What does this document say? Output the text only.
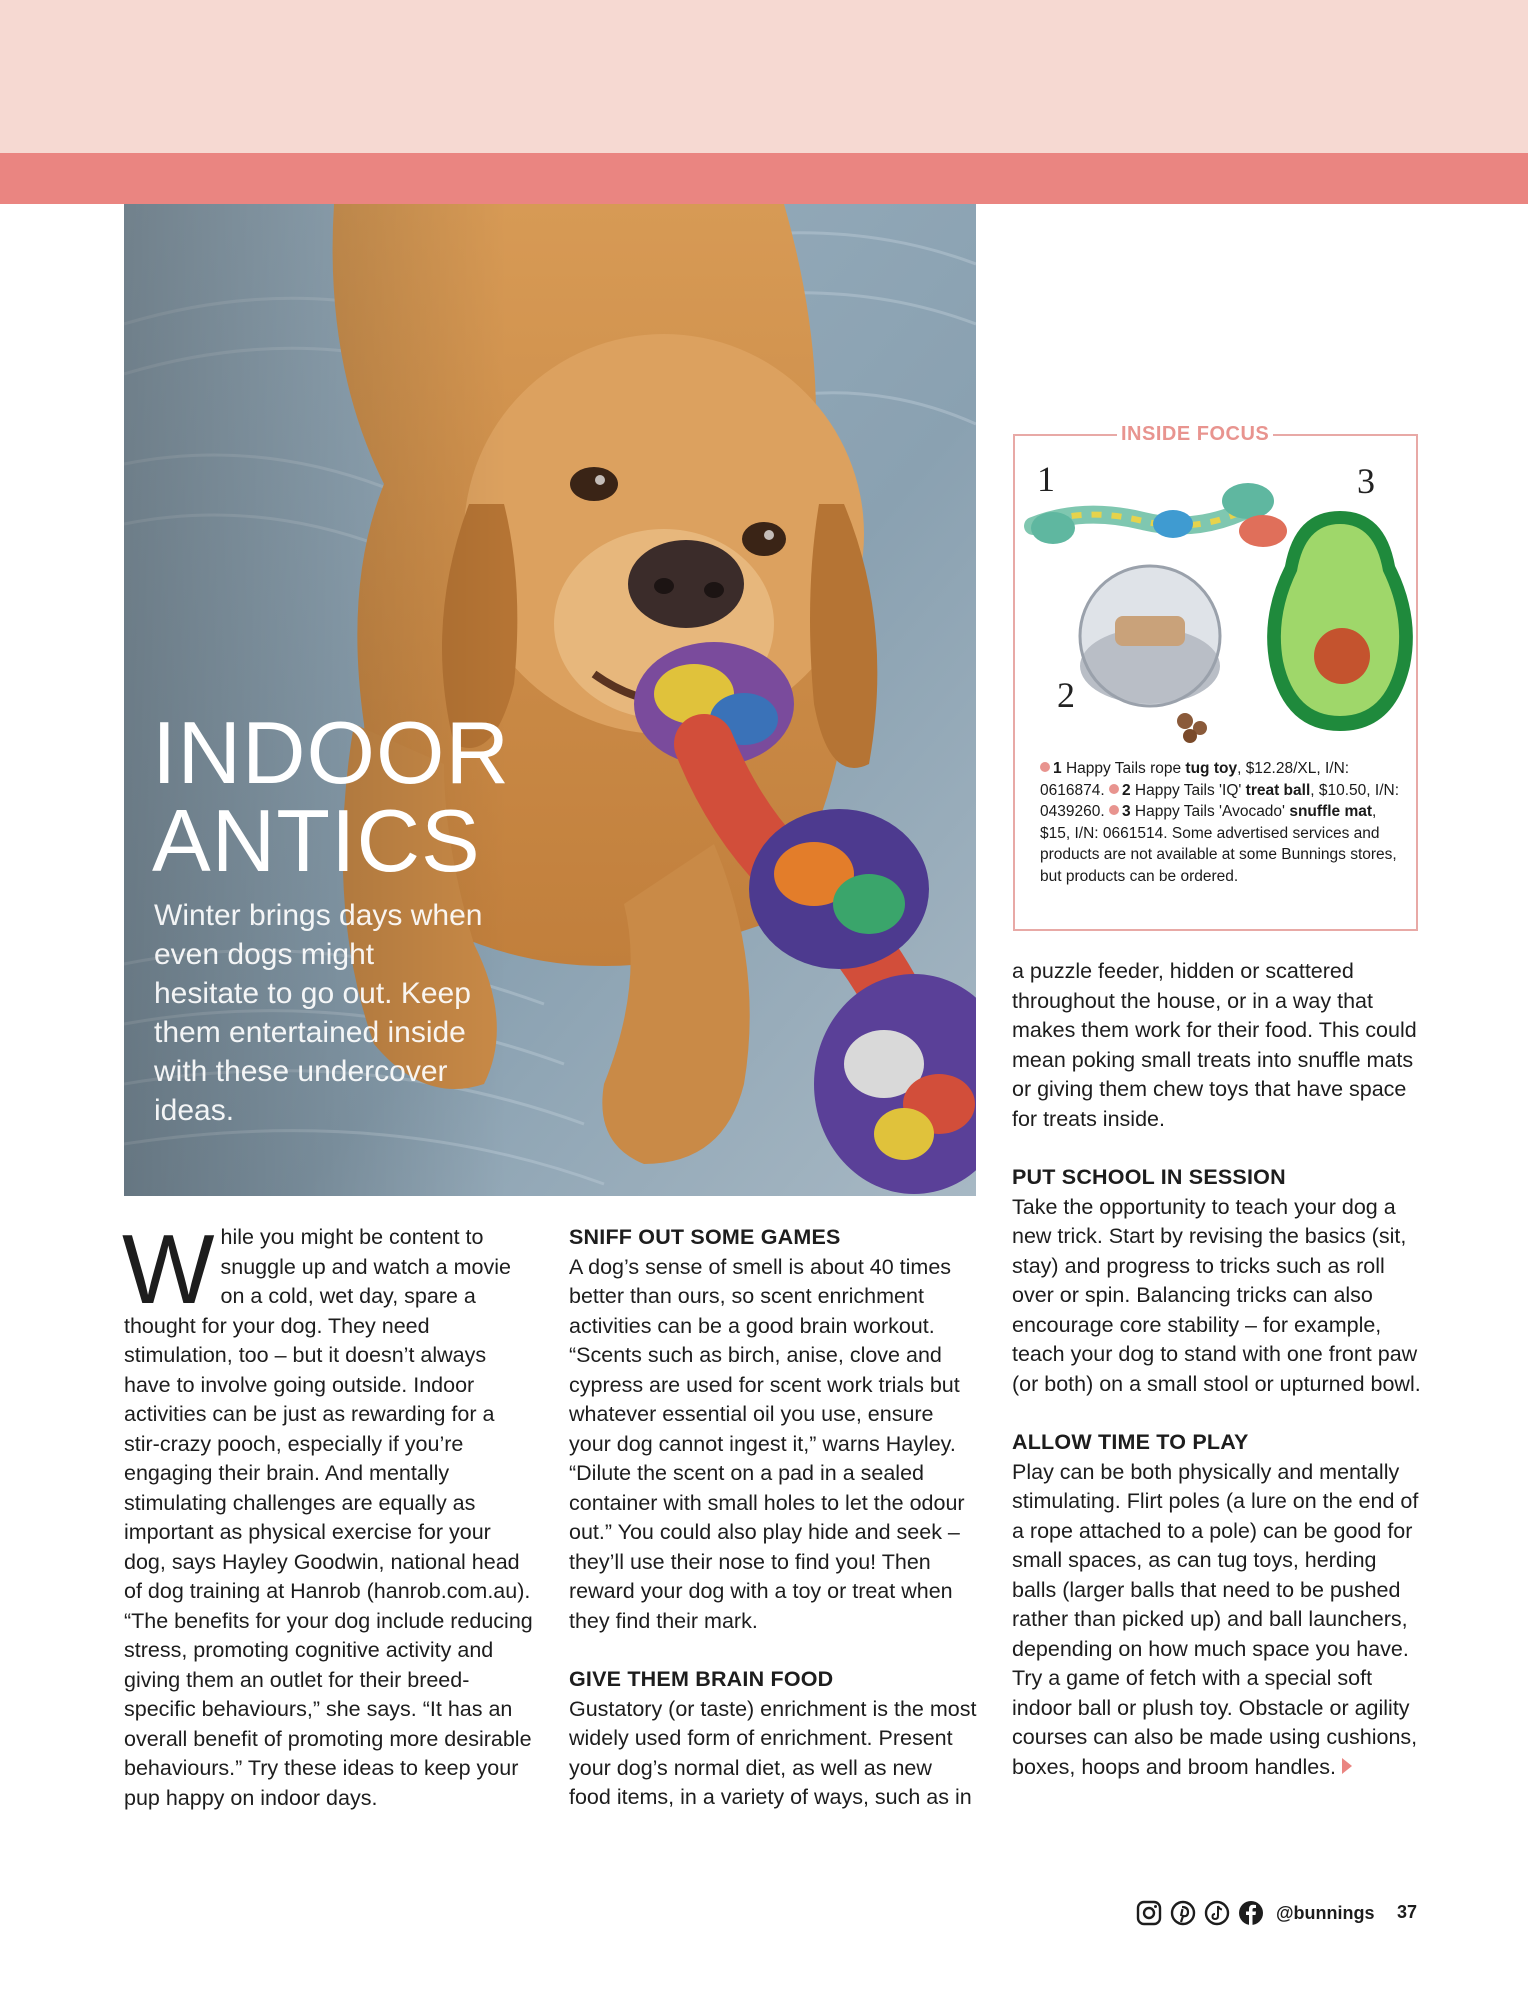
INDOOR
ANTICS
Winter brings days when even dogs might hesitate to go out. Keep them entertained inside with these undercover ideas.
INSIDE FOCUS
1
2
3
1 Happy Tails rope tug toy, $12.28/XL, I/N: 0616874. 2 Happy Tails 'IQ' treat ball, $10.50, I/N: 0439260. 3 Happy Tails 'Avocado' snuffle mat, $15, I/N: 0661514. Some advertised services and products are not available at some Bunnings stores, but products can be ordered.

While you might be content to snuggle up and watch a movie on a cold, wet day, spare a thought for your dog. They need stimulation, too – but it doesn’t always have to involve going outside. Indoor activities can be just as rewarding for a stir-crazy pooch, especially if you’re engaging their brain. And mentally stimulating challenges are equally as important as physical exercise for your dog, says Hayley Goodwin, national head of dog training at Hanrob (hanrob.com.au). “The benefits for your dog include reducing stress, promoting cognitive activity and giving them an outlet for their breed-specific behaviours,” she says. “It has an overall benefit of promoting more desirable behaviours.” Try these ideas to keep your pup happy on indoor days.

SNIFF OUT SOME GAMES

A dog’s sense of smell is about 40 times better than ours, so scent enrichment activities can be a good brain workout. “Scents such as birch, anise, clove and cypress are used for scent work trials but whatever essential oil you use, ensure your dog cannot ingest it,” warns Hayley. “Dilute the scent on a pad in a sealed container with small holes to let the odour out.” You could also play hide and seek – they’ll use their nose to find you! Then reward your dog with a toy or treat when they find their mark.

GIVE THEM BRAIN FOOD

Gustatory (or taste) enrichment is the most widely used form of enrichment. Present your dog’s normal diet, as well as new food items, in a variety of ways, such as in

a puzzle feeder, hidden or scattered throughout the house, or in a way that makes them work for their food. This could mean poking small treats into snuffle mats or giving them chew toys that have space for treats inside.

PUT SCHOOL IN SESSION

Take the opportunity to teach your dog a new trick. Start by revising the basics (sit, stay) and progress to tricks such as roll over or spin. Balancing tricks can also encourage core stability – for example, teach your dog to stand with one front paw (or both) on a small stool or upturned bowl.

ALLOW TIME TO PLAY

Play can be both physically and mentally stimulating. Flirt poles (a lure on the end of a rope attached to a pole) can be good for small spaces, as can tug toys, herding balls (larger balls that need to be pushed rather than picked up) and ball launchers, depending on how much space you have. Try a game of fetch with a special soft indoor ball or plush toy. Obstacle or agility courses can also be made using cushions, boxes, hoops and broom handles.

@bunnings 37
